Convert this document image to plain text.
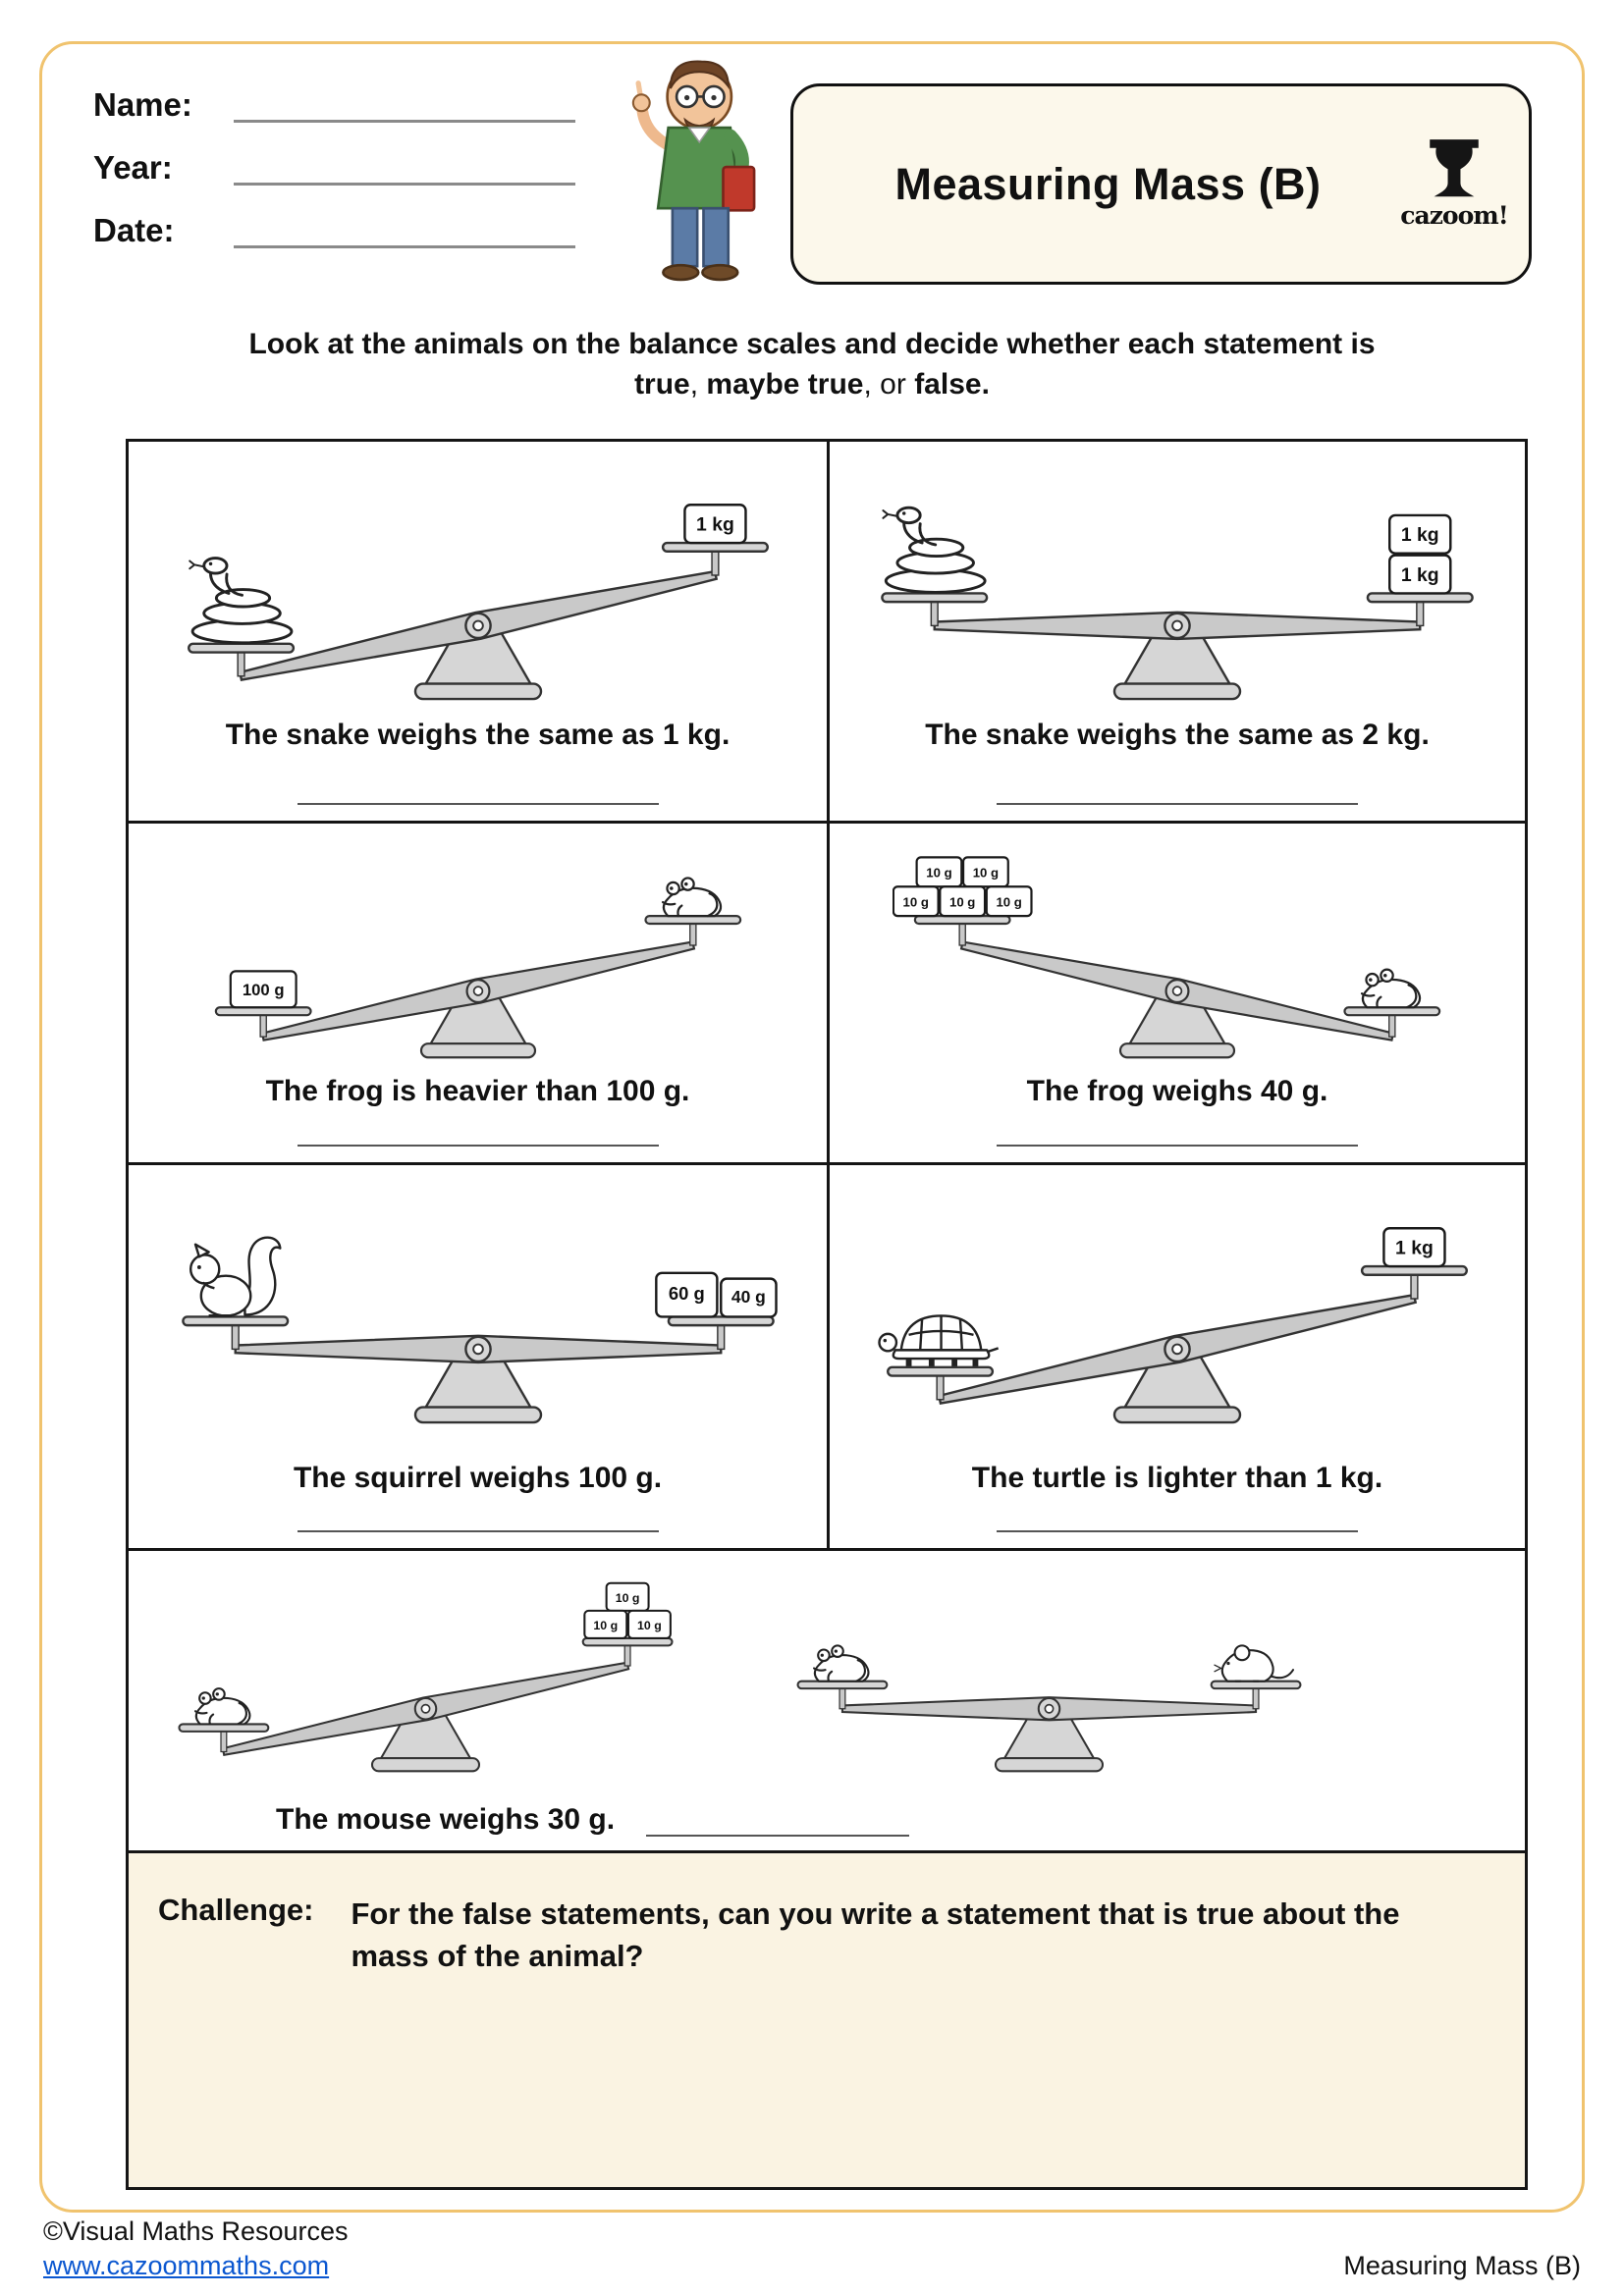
Name:
Year:
Date:
Measuring Mass (B)
cazoom!
Look at the animals on the balance scales and decide whether each statement is
true, maybe true, or false.
1 kg
The snake weighs the same as 1 kg.
1 kg
1 kg
The snake weighs the same as 2 kg.
100 g
The frog is heavier than 100 g.
10 g 10 g
10 g 10 g 10 g
The frog weighs 40 g.
60 g 40 g
The squirrel weighs 100 g.
1 kg
The turtle is lighter than 1 kg.
10 g
10 g 10 g
The mouse weighs 30 g.
Challenge: For the false statements, can you write a statement that is true about the mass of the animal?
©Visual Maths Resources
www.cazoommaths.com	Measuring Mass (B)
